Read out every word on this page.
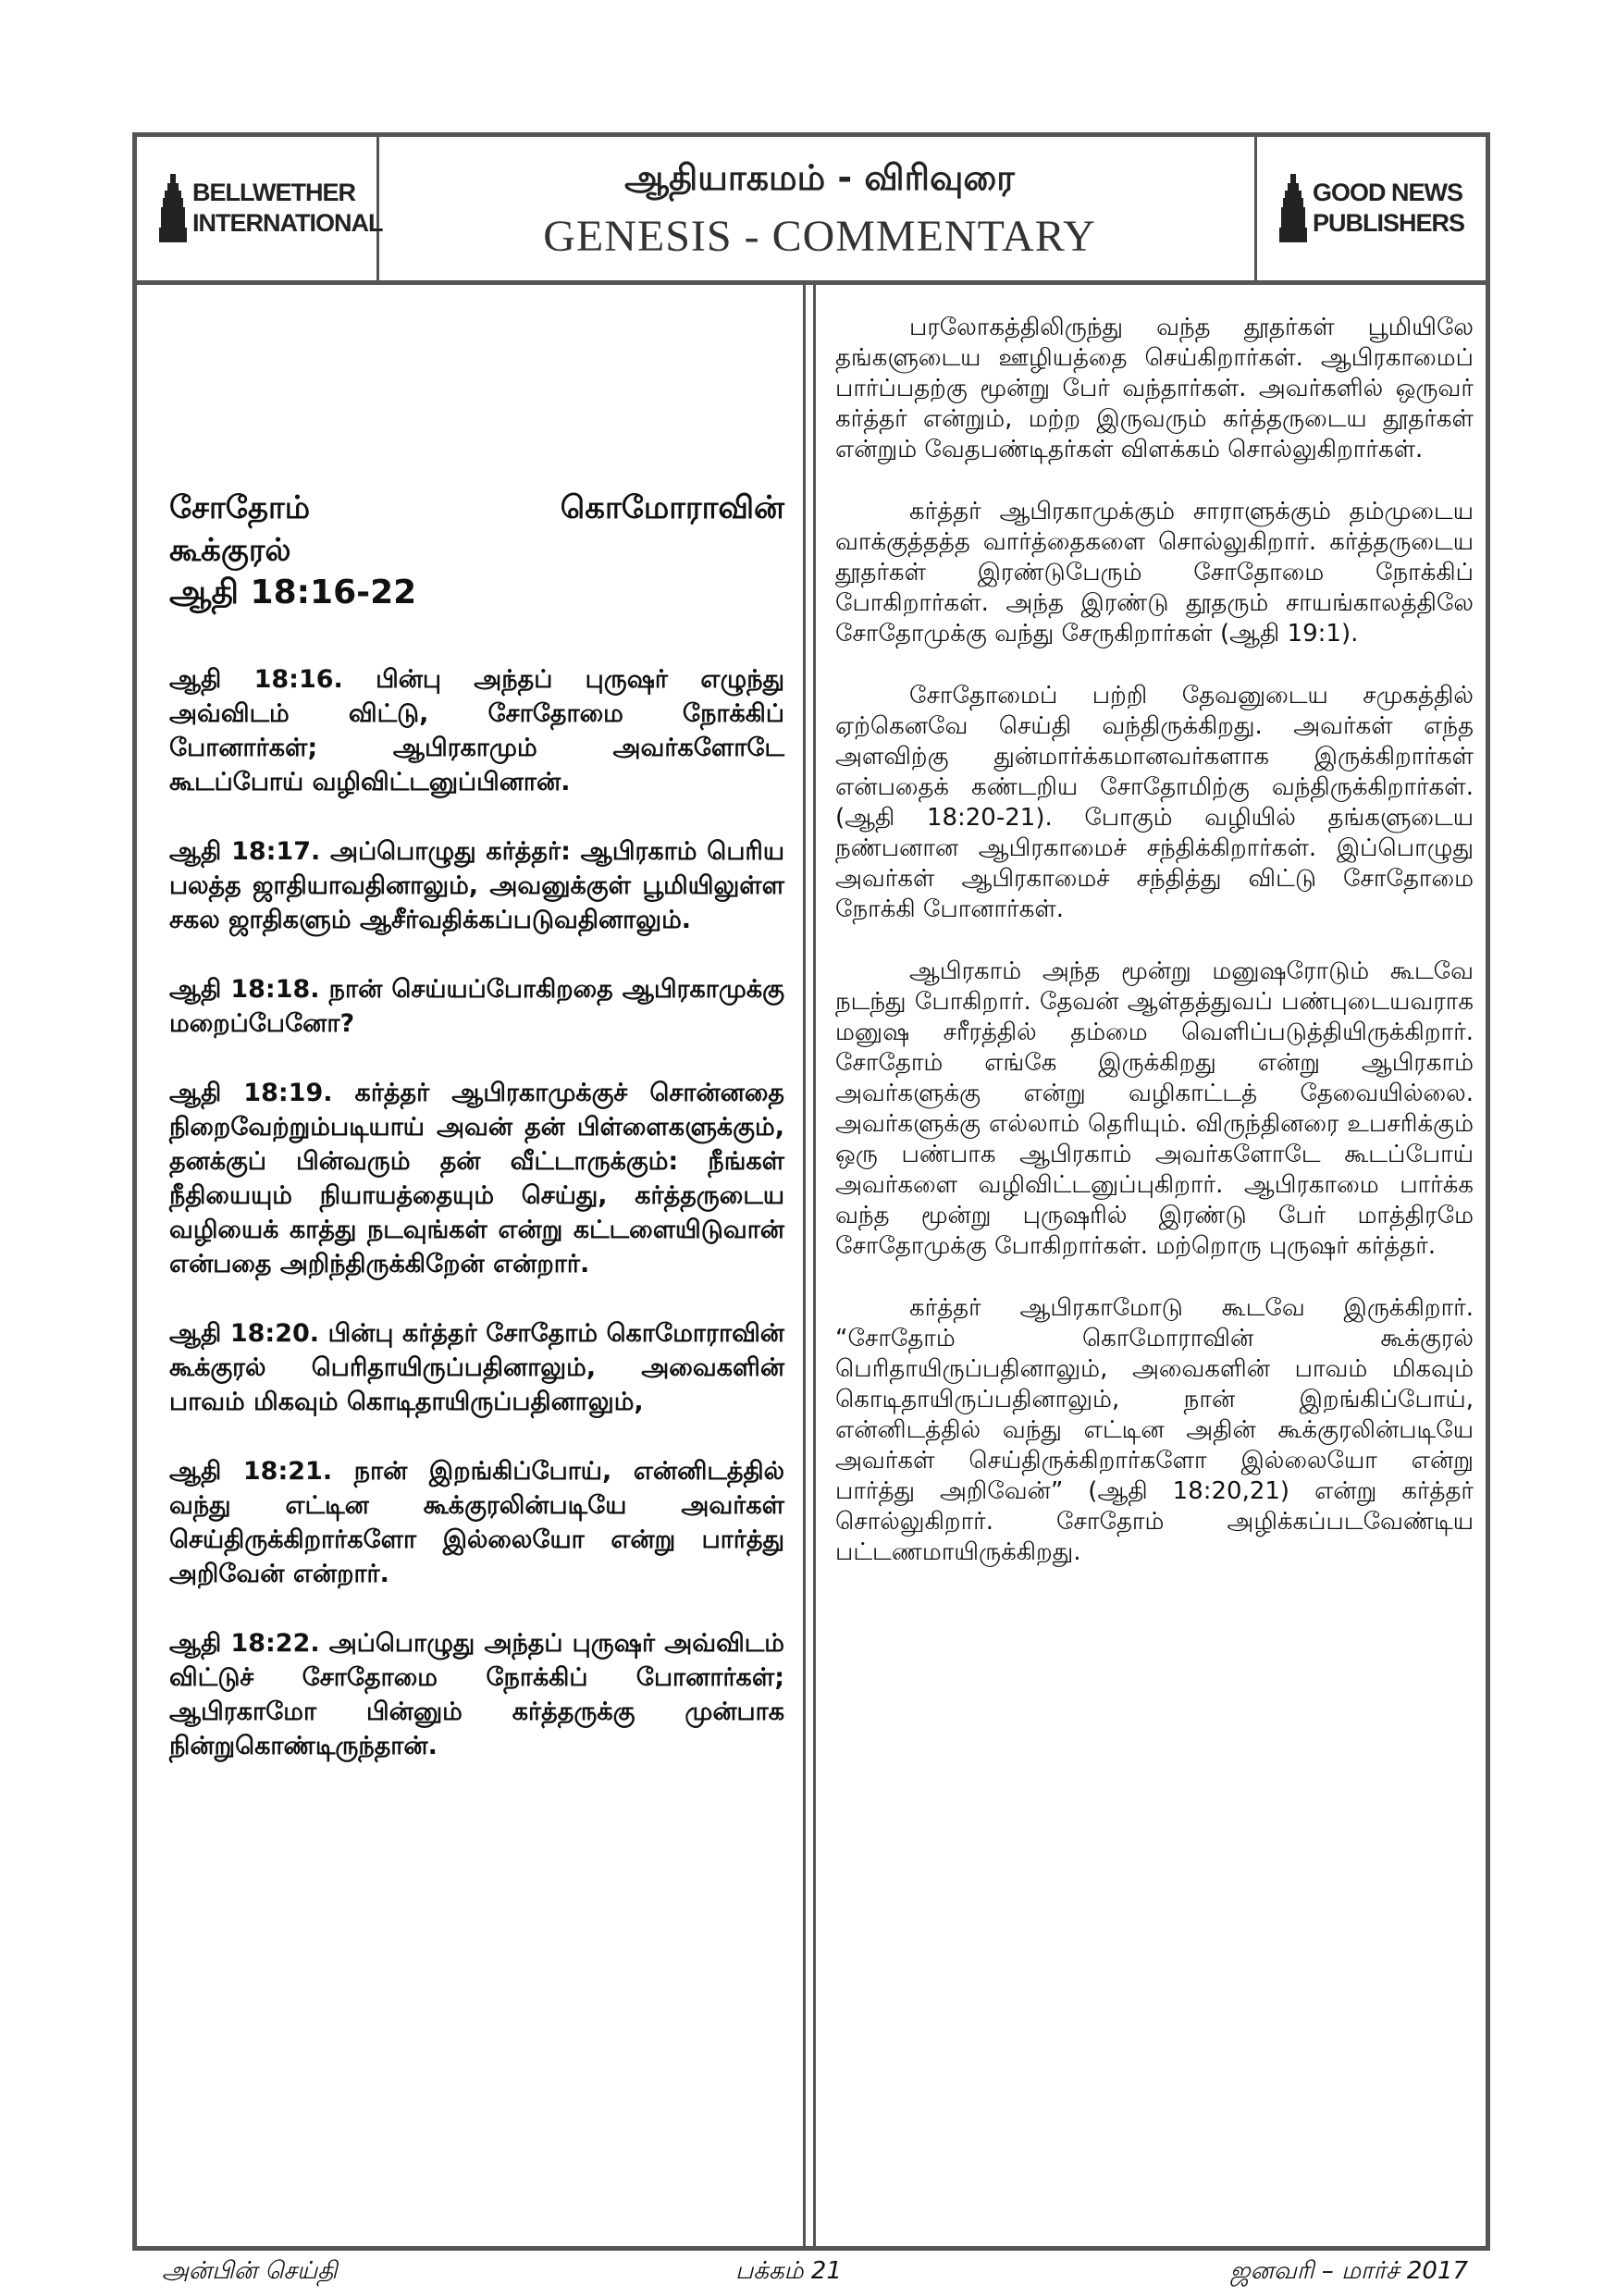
BELLWETHER
INTERNATIONAL
ஆதியாகமம் - விரிவுரை
GENESIS - COMMENTARY
GOOD NEWS
PUBLISHERS
சோதோம்	கொமோராவின்
கூக்குரல்
ஆதி 18:16-22
ஆதி 18:16. பின்பு அந்தப் புருஷர் எழுந்து அவ்விடம் விட்டு, சோதோமை நோக்கிப் போனார்கள்; ஆபிரகாமும் அவர்களோடே கூடப்போய் வழிவிட்டனுப்பினான்.
ஆதி 18:17. அப்பொழுது கர்த்தர்: ஆபிரகாம் பெரிய பலத்த ஜாதியாவதினாலும், அவனுக்குள் பூமியிலுள்ள சகல ஜாதிகளும் ஆசீர்வதிக்கப்படுவதினாலும்.
ஆதி 18:18. நான் செய்யப்போகிறதை ஆபிரகாமுக்கு மறைப்பேனோ?
ஆதி 18:19. கர்த்தர் ஆபிரகாமுக்குச் சொன்னதை நிறைவேற்றும்படியாய் அவன் தன் பிள்ளைகளுக்கும், தனக்குப் பின்வரும் தன் வீட்டாருக்கும்: நீங்கள் நீதியையும் நியாயத்தையும் செய்து, கர்த்தருடைய வழியைக் காத்து நடவுங்கள் என்று கட்டளையிடுவான் என்பதை அறிந்திருக்கிறேன் என்றார்.
ஆதி 18:20. பின்பு கர்த்தர் சோதோம் கொமோராவின் கூக்குரல் பெரிதாயிருப்பதினாலும், அவைகளின் பாவம் மிகவும் கொடிதாயிருப்பதினாலும்,
ஆதி 18:21. நான் இறங்கிப்போய், என்னிடத்தில் வந்து எட்டின கூக்குரலின்படியே அவர்கள் செய்திருக்கிறார்களோ இல்லையோ என்று பார்த்து அறிவேன் என்றார்.
ஆதி 18:22. அப்பொழுது அந்தப் புருஷர் அவ்விடம் விட்டுச் சோதோமை நோக்கிப் போனார்கள்; ஆபிரகாமோ பின்னும் கர்த்தருக்கு முன்பாக நின்றுகொண்டிருந்தான்.

பரலோகத்திலிருந்து வந்த தூதர்கள் பூமியிலே தங்களுடைய ஊழியத்தை செய்கிறார்கள். ஆபிரகாமைப் பார்ப்பதற்கு மூன்று பேர் வந்தார்கள். அவர்களில் ஒருவர் கர்த்தர் என்றும், மற்ற இருவரும் கர்த்தருடைய தூதர்கள் என்றும் வேதபண்டிதர்கள் விளக்கம் சொல்லுகிறார்கள்.

கர்த்தர் ஆபிரகாமுக்கும் சாராளுக்கும் தம்முடைய வாக்குத்தத்த வார்த்தைகளை சொல்லுகிறார். கர்த்தருடைய தூதர்கள் இரண்டுபேரும் சோதோமை நோக்கிப் போகிறார்கள். அந்த இரண்டு தூதரும் சாயங்காலத்திலே சோதோமுக்கு வந்து சேருகிறார்கள் (ஆதி 19:1).

சோதோமைப் பற்றி தேவனுடைய சமுகத்தில் ஏற்கெனவே செய்தி வந்திருக்கிறது. அவர்கள் எந்த அளவிற்கு துன்மார்க்கமானவர்களாக இருக்கிறார்கள் என்பதைக் கண்டறிய சோதோமிற்கு வந்திருக்கிறார்கள். (ஆதி 18:20-21). போகும் வழியில் தங்களுடைய நண்பனான ஆபிரகாமைச் சந்திக்கிறார்கள். இப்பொழுது அவர்கள் ஆபிரகாமைச் சந்தித்து விட்டு சோதோமை நோக்கி போனார்கள்.

ஆபிரகாம் அந்த மூன்று மனுஷரோடும் கூடவே நடந்து போகிறார். தேவன் ஆள்தத்துவப் பண்புடையவராக மனுஷ சரீரத்தில் தம்மை வெளிப்படுத்தியிருக்கிறார். சோதோம் எங்கே இருக்கிறது என்று ஆபிரகாம் அவர்களுக்கு என்று வழிகாட்டத் தேவையில்லை. அவர்களுக்கு எல்லாம் தெரியும். விருந்தினரை உபசரிக்கும் ஒரு பண்பாக ஆபிரகாம் அவர்களோடே கூடப்போய் அவர்களை வழிவிட்டனுப்புகிறார். ஆபிரகாமை பார்க்க வந்த மூன்று புருஷரில் இரண்டு பேர் மாத்திரமே சோதோமுக்கு போகிறார்கள். மற்றொரு புருஷர் கர்த்தர்.

கர்த்தர் ஆபிரகாமோடு கூடவே இருக்கிறார். “சோதோம் கொமோராவின் கூக்குரல் பெரிதாயிருப்பதினாலும், அவைகளின் பாவம் மிகவும் கொடிதாயிருப்பதினாலும், நான் இறங்கிப்போய், என்னிடத்தில் வந்து எட்டின அதின் கூக்குரலின்படியே அவர்கள் செய்திருக்கிறார்களோ இல்லையோ என்று பார்த்து அறிவேன்” (ஆதி 18:20,21) என்று கர்த்தர் சொல்லுகிறார். சோதோம் அழிக்கப்படவேண்டிய பட்டணமாயிருக்கிறது.

அன்பின் செய்தி	பக்கம் 21	ஜனவரி – மார்ச் 2017
